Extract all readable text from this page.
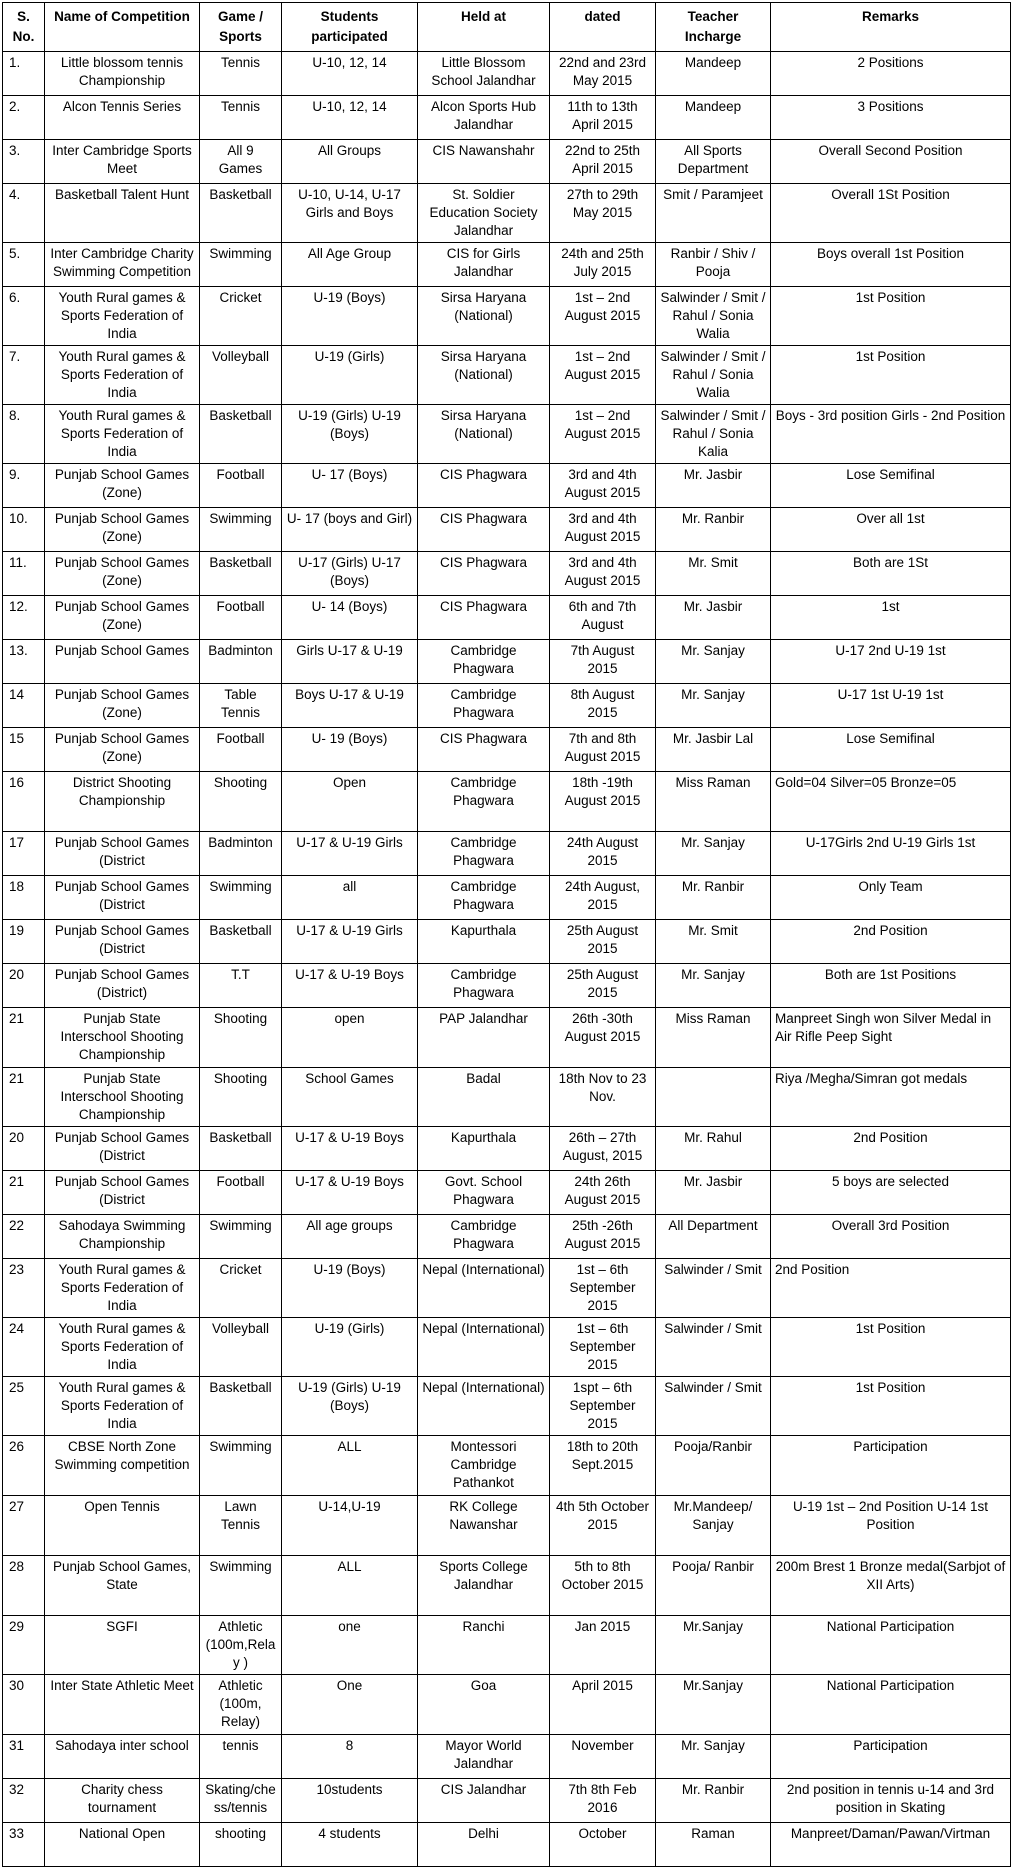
S. No.	Name of Competition	Game / Sports	Students participated	Held at	dated	Teacher Incharge	Remarks
1.	Little blossom tennis Championship	Tennis	U-10, 12, 14	Little Blossom School Jalandhar	22nd and 23rd May 2015	Mandeep	2 Positions
2.	Alcon Tennis Series	Tennis	U-10, 12, 14	Alcon Sports Hub Jalandhar	11th to 13th April 2015	Mandeep	3 Positions
3.	Inter Cambridge Sports Meet	All 9 Games	All Groups	CIS Nawanshahr	22nd to 25th April 2015	All Sports Department	Overall Second Position
4.	Basketball Talent Hunt	Basketball	U-10, U-14, U-17 Girls and Boys	St. Soldier Education Society Jalandhar	27th to 29th May 2015	Smit / Paramjeet	Overall 1St Position
5.	Inter Cambridge Charity Swimming Competition	Swimming	All Age Group	CIS for Girls Jalandhar	24th and 25th July 2015	Ranbir / Shiv / Pooja	Boys overall 1st Position
6.	Youth Rural games & Sports Federation of India	Cricket	U-19 (Boys)	Sirsa Haryana (National)	1st – 2nd August 2015	Salwinder / Smit / Rahul / Sonia Walia	1st Position
7.	Youth Rural games & Sports Federation of India	Volleyball	U-19 (Girls)	Sirsa Haryana (National)	1st – 2nd August 2015	Salwinder / Smit / Rahul / Sonia Walia	1st Position
8.	Youth Rural games & Sports Federation of India	Basketball	U-19 (Girls) U-19 (Boys)	Sirsa Haryana (National)	1st – 2nd August 2015	Salwinder / Smit / Rahul / Sonia Kalia	Boys - 3rd position Girls - 2nd Position
9.	Punjab School Games (Zone)	Football	U- 17 (Boys)	CIS Phagwara	3rd and 4th August 2015	Mr. Jasbir	Lose Semifinal
10.	Punjab School Games (Zone)	Swimming	U- 17 (boys and Girl)	CIS Phagwara	3rd and 4th August 2015	Mr. Ranbir	Over all 1st
11.	Punjab School Games (Zone)	Basketball	U-17 (Girls) U-17 (Boys)	CIS Phagwara	3rd and 4th August 2015	Mr. Smit	Both are 1St
12.	Punjab School Games (Zone)	Football	U- 14 (Boys)	CIS Phagwara	6th and 7th August	Mr. Jasbir	1st
13.	Punjab School Games	Badminton	Girls U-17 & U-19	Cambridge Phagwara	7th August 2015	Mr. Sanjay	U-17 2nd U-19 1st
14	Punjab School Games (Zone)	Table Tennis	Boys U-17 & U-19	Cambridge Phagwara	8th August 2015	Mr. Sanjay	U-17 1st U-19 1st
15	Punjab School Games (Zone)	Football	U- 19 (Boys)	CIS Phagwara	7th and 8th August 2015	Mr. Jasbir Lal	Lose Semifinal
16	District Shooting Championship	Shooting	Open	Cambridge Phagwara	18th -19th August 2015	Miss Raman	Gold=04 Silver=05 Bronze=05
17	Punjab School Games (District	Badminton	U-17 & U-19 Girls	Cambridge Phagwara	24th August 2015	Mr. Sanjay	U-17Girls 2nd U-19 Girls 1st
18	Punjab School Games (District	Swimming	all	Cambridge Phagwara	24th August, 2015	Mr. Ranbir	Only Team
19	Punjab School Games (District	Basketball	U-17 & U-19 Girls	Kapurthala	25th August 2015	Mr. Smit	2nd Position
20	Punjab School Games (District)	T.T	U-17 & U-19 Boys	Cambridge Phagwara	25th August 2015	Mr. Sanjay	Both are 1st Positions
21	Punjab State Interschool Shooting Championship	Shooting	open	PAP Jalandhar	26th -30th August 2015	Miss Raman	Manpreet Singh won Silver Medal in Air Rifle Peep Sight
21	Punjab State Interschool Shooting Championship	Shooting	School Games	Badal	18th Nov to 23 Nov.		Riya /Megha/Simran got medals
20	Punjab School Games (District	Basketball	U-17 & U-19 Boys	Kapurthala	26th – 27th August, 2015	Mr. Rahul	2nd Position
21	Punjab School Games (District	Football	U-17 & U-19 Boys	Govt. School Phagwara	24th 26th August 2015	Mr. Jasbir	5 boys are selected
22	Sahodaya Swimming Championship	Swimming	All age groups	Cambridge Phagwara	25th -26th August 2015	All Department	Overall 3rd Position
23	Youth Rural games & Sports Federation of India	Cricket	U-19 (Boys)	Nepal (International)	1st – 6th September 2015	Salwinder / Smit	2nd Position
24	Youth Rural games & Sports Federation of India	Volleyball	U-19 (Girls)	Nepal (International)	1st – 6th September 2015	Salwinder / Smit	1st Position
25	Youth Rural games & Sports Federation of India	Basketball	U-19 (Girls) U-19 (Boys)	Nepal (International)	1spt – 6th September 2015	Salwinder / Smit	1st Position
26	CBSE North Zone Swimming competition	Swimming	ALL	Montessori Cambridge Pathankot	18th to 20th Sept.2015	Pooja/Ranbir	Participation
27	Open Tennis	Lawn Tennis	U-14,U-19	RK College Nawanshar	4th 5th October 2015	Mr.Mandeep/ Sanjay	U-19 1st – 2nd Position U-14 1st Position
28	Punjab School Games, State	Swimming	ALL	Sports College Jalandhar	5th to 8th October 2015	Pooja/ Ranbir	200m Brest 1 Bronze medal(Sarbjot of XII Arts)
29	SGFI	Athletic (100m,Relay )	one	Ranchi	Jan 2015	Mr.Sanjay	National Participation
30	Inter State Athletic Meet	Athletic (100m, Relay)	One	Goa	April 2015	Mr.Sanjay	National Participation
31	Sahodaya inter school	tennis	8	Mayor World Jalandhar	November	Mr. Sanjay	Participation
32	Charity chess tournament	Skating/chess/tennis	10students	CIS Jalandhar	7th 8th Feb 2016	Mr. Ranbir	2nd position in tennis u-14 and 3rd position in Skating
33	National Open	shooting	4 students	Delhi	October	Raman	Manpreet/Daman/Pawan/Virtman
